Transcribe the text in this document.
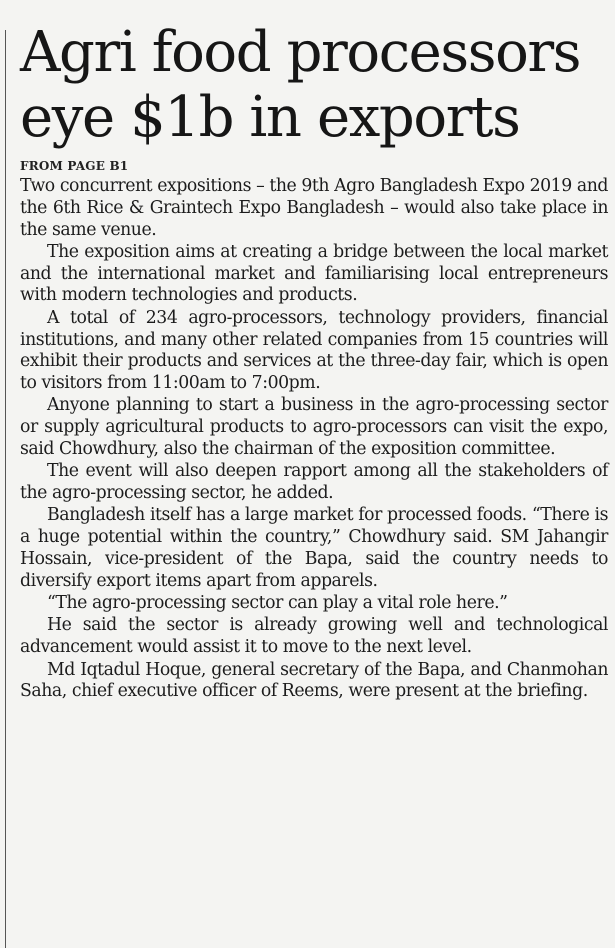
Agri food processors
eye $1b in exports
FROM PAGE B1

Two concurrent expositions – the 9th Agro Bangladesh Expo 2019 and the 6th Rice & Graintech Expo Bangladesh – would also take place in the same venue.

The exposition aims at creating a bridge between the local market and the international market and familiarising local entrepreneurs with modern technologies and products.

A total of 234 agro-processors, technology providers, financial institutions, and many other related companies from 15 countries will exhibit their products and services at the three-day fair, which is open to visitors from 11:00am to 7:00pm.

Anyone planning to start a business in the agro-processing sector or supply agricultural products to agro-processors can visit the expo, said Chowdhury, also the chairman of the exposition committee.

The event will also deepen rapport among all the stakeholders of the agro-processing sector, he added.

Bangladesh itself has a large market for processed foods. “There is a huge potential within the country,” Chowdhury said. SM Jahangir Hossain, vice-president of the Bapa, said the country needs to diversify export items apart from apparels.

“The agro-processing sector can play a vital role here.”

He said the sector is already growing well and technological advancement would assist it to move to the next level.

Md Iqtadul Hoque, general secretary of the Bapa, and Chanmohan Saha, chief executive officer of Reems, were present at the briefing.
